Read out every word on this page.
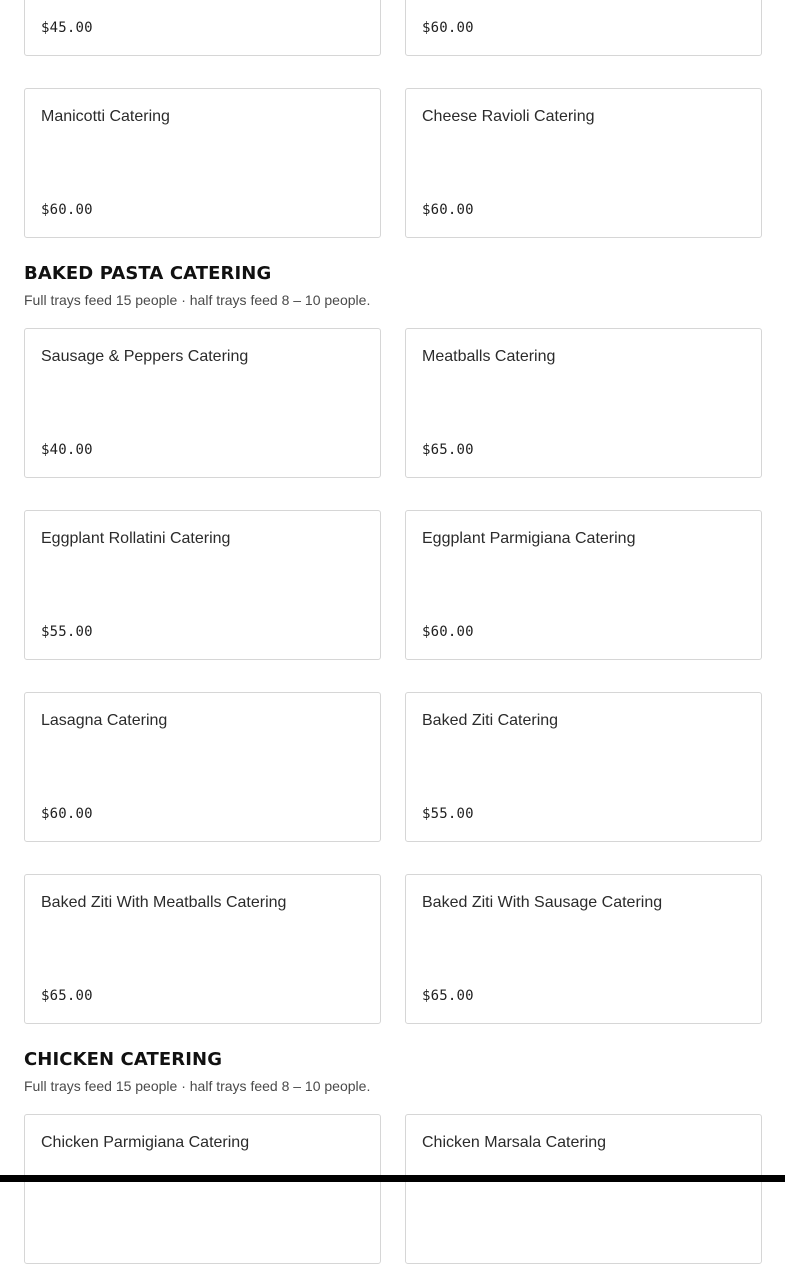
$45.00	$60.00
Manicotti Catering
$60.00
Cheese Ravioli Catering
$60.00
BAKED PASTA CATERING
Full trays feed 15 people · half trays feed 8 – 10 people.
Sausage & Peppers Catering
$40.00
Meatballs Catering
$65.00
Eggplant Rollatini Catering
$55.00
Eggplant Parmigiana Catering
$60.00
Lasagna Catering
$60.00
Baked Ziti Catering
$55.00
Baked Ziti With Meatballs Catering
$65.00
Baked Ziti With Sausage Catering
$65.00
CHICKEN CATERING
Full trays feed 15 people · half trays feed 8 – 10 people.
Chicken Parmigiana Catering	Chicken Marsala Catering
